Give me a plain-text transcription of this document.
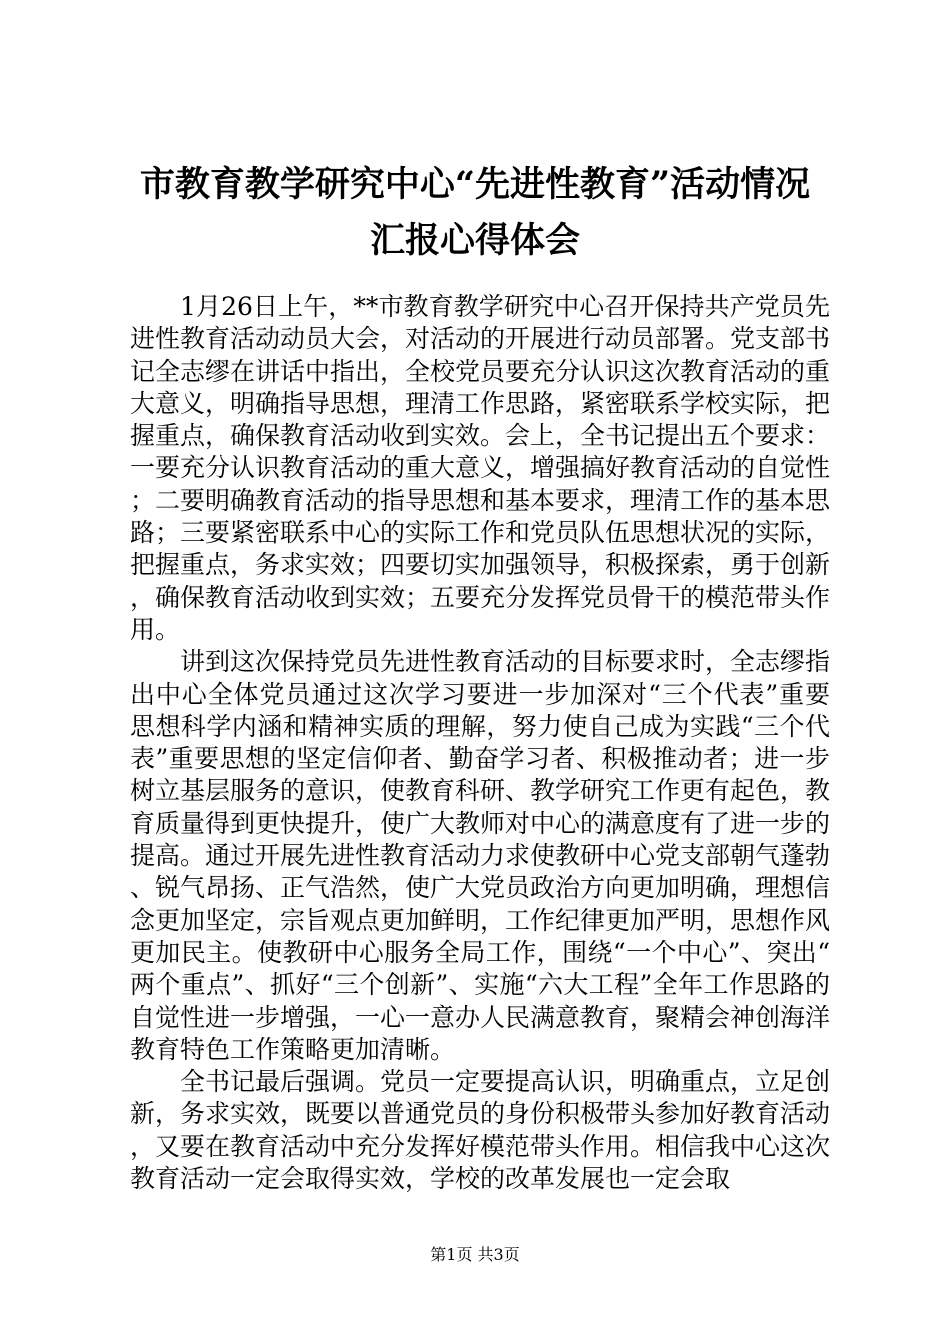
市教育教学研究中心“先进性教育”活动情况
汇报心得体会

1月26日上午，**市教育教学研究中心召开保持共产党员先进性教育活动动员大会，对活动的开展进行动员部署。党支部书记全志缪在讲话中指出，全校党员要充分认识这次教育活动的重大意义，明确指导思想，理清工作思路，紧密联系学校实际，把握重点，确保教育活动收到实效。会上，全书记提出五个要求：一要充分认识教育活动的重大意义，增强搞好教育活动的自觉性；二要明确教育活动的指导思想和基本要求，理清工作的基本思路；三要紧密联系中心的实际工作和党员队伍思想状况的实际，把握重点，务求实效；四要切实加强领导，积极探索，勇于创新，确保教育活动收到实效；五要充分发挥党员骨干的模范带头作用。

讲到这次保持党员先进性教育活动的目标要求时，全志缪指出中心全体党员通过这次学习要进一步加深对“三个代表”重要思想科学内涵和精神实质的理解，努力使自己成为实践“三个代表”重要思想的坚定信仰者、勤奋学习者、积极推动者；进一步树立基层服务的意识，使教育科研、教学研究工作更有起色，教育质量得到更快提升，使广大教师对中心的满意度有了进一步的提高。通过开展先进性教育活动力求使教研中心党支部朝气蓬勃、锐气昂扬、正气浩然，使广大党员政治方向更加明确，理想信念更加坚定，宗旨观点更加鲜明，工作纪律更加严明，思想作风更加民主。使教研中心服务全局工作，围绕“一个中心”、突出“两个重点”、抓好“三个创新”、实施“六大工程”全年工作思路的自觉性进一步增强，一心一意办人民满意教育，聚精会神创海洋教育特色工作策略更加清晰。

全书记最后强调。党员一定要提高认识，明确重点，立足创新，务求实效，既要以普通党员的身份积极带头参加好教育活动，又要在教育活动中充分发挥好模范带头作用。相信我中心这次教育活动一定会取得实效，学校的改革发展也一定会取

第1页 共3页
